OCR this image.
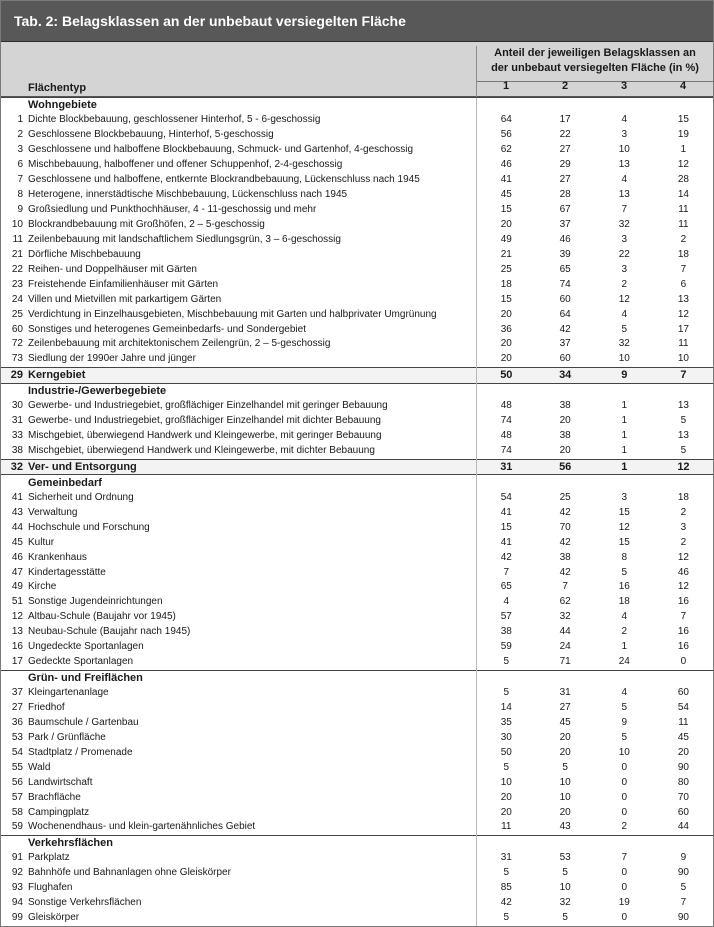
Tab. 2: Belagsklassen an der unbebaut versiegelten Fläche
Flächentyp
Anteil der jeweiligen Belagsklassen an
der unbebaut versiegelten Fläche (in %)
1	2	3	4
	Wohngebiete				
1	Dichte Blockbebauung, geschlossener Hinterhof, 5 - 6-geschossig	64	17	4	15
2	Geschlossene Blockbebauung, Hinterhof, 5-geschossig	56	22	3	19
3	Geschlossene und halboffene Blockbebauung, Schmuck- und Gartenhof, 4-geschossig	62	27	10	1
6	Mischbebauung, halboffener und offener Schuppenhof, 2-4-geschossig	46	29	13	12
7	Geschlossene und halboffene, entkernte Blockrandbebauung, Lückenschluss nach 1945	41	27	4	28
8	Heterogene, innerstädtische Mischbebauung, Lückenschluss nach 1945	45	28	13	14
9	Großsiedlung und Punkthochhäuser, 4 - 11-geschossig und mehr	15	67	7	11
10	Blockrandbebauung mit Großhöfen, 2 – 5-geschossig	20	37	32	11
11	Zeilenbebauung mit landschaftlichem Siedlungsgrün, 3 – 6-geschossig	49	46	3	2
21	Dörfliche Mischbebauung	21	39	22	18
22	Reihen- und Doppelhäuser mit Gärten	25	65	3	7
23	Freistehende Einfamilienhäuser mit Gärten	18	74	2	6
24	Villen und Mietvillen mit parkartigem Gärten	15	60	12	13
25	Verdichtung in Einzelhausgebieten, Mischbebauung mit Garten und halbprivater Umgrünung	20	64	4	12
60	Sonstiges und heterogenes Gemeinbedarfs- und Sondergebiet	36	42	5	17
72	Zeilenbebauung mit architektonischem Zeilengrün, 2 – 5-geschossig	20	37	32	11
73	Siedlung der 1990er Jahre und jünger	20	60	10	10
29	Kerngebiet	50	34	9	7
	Industrie-/Gewerbegebiete				
30	Gewerbe- und Industriegebiet, großflächiger Einzelhandel mit geringer Bebauung	48	38	1	13
31	Gewerbe- und Industriegebiet, großflächiger Einzelhandel mit dichter Bebauung	74	20	1	5
33	Mischgebiet, überwiegend Handwerk und Kleingewerbe, mit geringer Bebauung	48	38	1	13
38	Mischgebiet, überwiegend Handwerk und Kleingewerbe, mit dichter Bebauung	74	20	1	5
32	Ver- und Entsorgung	31	56	1	12
	Gemeinbedarf				
41	Sicherheit und Ordnung	54	25	3	18
43	Verwaltung	41	42	15	2
44	Hochschule und Forschung	15	70	12	3
45	Kultur	41	42	15	2
46	Krankenhaus	42	38	8	12
47	Kindertagesstätte	7	42	5	46
49	Kirche	65	7	16	12
51	Sonstige Jugendeinrichtungen	4	62	18	16
12	Altbau-Schule (Baujahr vor 1945)	57	32	4	7
13	Neubau-Schule (Baujahr nach 1945)	38	44	2	16
16	Ungedeckte Sportanlagen	59	24	1	16
17	Gedeckte Sportanlagen	5	71	24	0
	Grün- und Freiflächen				
37	Kleingartenanlage	5	31	4	60
27	Friedhof	14	27	5	54
36	Baumschule / Gartenbau	35	45	9	11
53	Park / Grünfläche	30	20	5	45
54	Stadtplatz / Promenade	50	20	10	20
55	Wald	5	5	0	90
56	Landwirtschaft	10	10	0	80
57	Brachfläche	20	10	0	70
58	Campingplatz	20	20	0	60
59	Wochenendhaus- und klein-gartenähnliches Gebiet	11	43	2	44
	Verkehrsflächen				
91	Parkplatz	31	53	7	9
92	Bahnhöfe und Bahnanlagen ohne Gleiskörper	5	5	0	90
93	Flughafen	85	10	0	5
94	Sonstige Verkehrsflächen	42	32	19	7
99	Gleiskörper	5	5	0	90
